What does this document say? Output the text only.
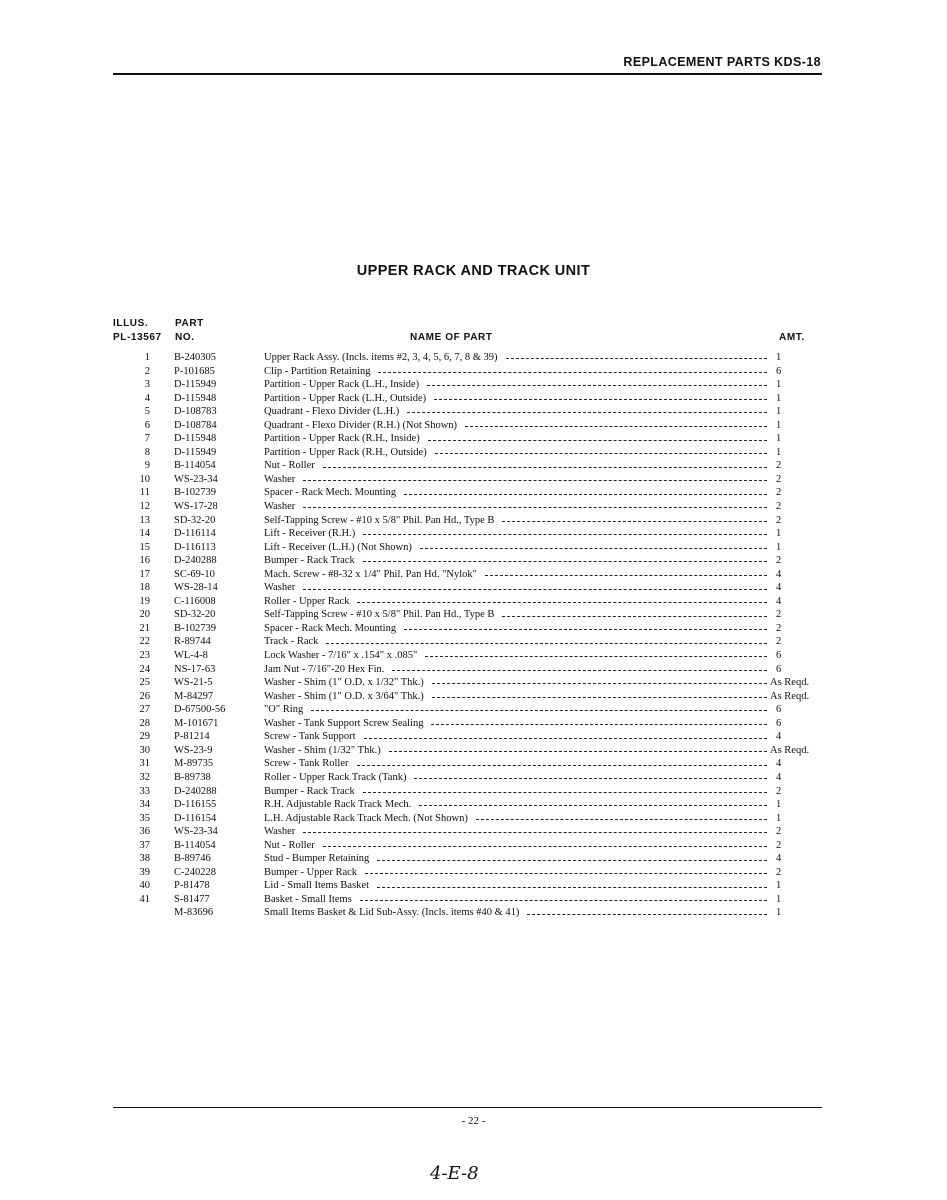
REPLACEMENT PARTS KDS-18
UPPER RACK AND TRACK UNIT
ILLUS.
PL-13567
PART
NO.	NAME OF PART	AMT.
1 B-240305	Upper Rack Assy. (Incls. items #2, 3, 4, 5, 6, 7, 8 & 39)	1
2 P-101685	Clip - Partition Retaining	6
3 D-115949	Partition - Upper Rack (L.H., Inside)	1
4 D-115948	Partition - Upper Rack (L.H., Outside)	1
5 D-108783	Quadrant - Flexo Divider (L.H.)	1
6 D-108784	Quadrant - Flexo Divider (R.H.) (Not Shown)	1
7 D-115948	Partition - Upper Rack (R.H., Inside)	1
8 D-115949	Partition - Upper Rack (R.H., Outside)	1
9 B-114054	Nut - Roller	2
10 WS-23-34	Washer	2
11 B-102739	Spacer - Rack Mech. Mounting	2
12 WS-17-28	Washer	2
13 SD-32-20	Self-Tapping Screw - #10 x 5/8" Phil. Pan Hd., Type B	2
14 D-116114	Lift - Receiver (R.H.)	1
15 D-116113	Lift - Receiver (L.H.) (Not Shown)	1
16 D-240288	Bumper - Rack Track	2
17 SC-69-10	Mach. Screw - #8-32 x 1/4" Phil. Pan Hd. "Nylok"	4
18 WS-28-14	Washer	4
19 C-116008	Roller - Upper Rack	4
20 SD-32-20	Self-Tapping Screw - #10 x 5/8" Phil. Pan Hd., Type B	2
21 B-102739	Spacer - Rack Mech. Mounting	2
22 R-89744	Track - Rack	2
23 WL-4-8	Lock Washer - 7/16" x .154" x .085"	6
24 NS-17-63	Jam Nut - 7/16"-20 Hex Fin.	6
25 WS-21-5	Washer - Shim (1" O.D. x 1/32" Thk.)	As Reqd.
26 M-84297	Washer - Shim (1" O.D. x 3/64" Thk.)	As Reqd.
27 D-67500-56	"O" Ring	6
28 M-101671	Washer - Tank Support Screw Sealing	6
29 P-81214	Screw - Tank Support	4
30 WS-23-9	Washer - Shim (1/32" Thk.)	As Reqd.
31 M-89735	Screw - Tank Roller	4
32 B-89738	Roller - Upper Rack Track (Tank)	4
33 D-240288	Bumper - Rack Track	2
34 D-116155	R.H. Adjustable Rack Track Mech.	1
35 D-116154	L.H. Adjustable Rack Track Mech. (Not Shown)	1
36 WS-23-34	Washer	2
37 B-114054	Nut - Roller	2
38 B-89746	Stud - Bumper Retaining	4
39 C-240228	Bumper - Upper Rack	2
40 P-81478	Lid - Small Items Basket	1
41 S-81477	Basket - Small Items	1
M-83696	Small Items Basket & Lid Sub-Assy. (Incls. items #40 & 41)	1
- 22 -
4-E-8
